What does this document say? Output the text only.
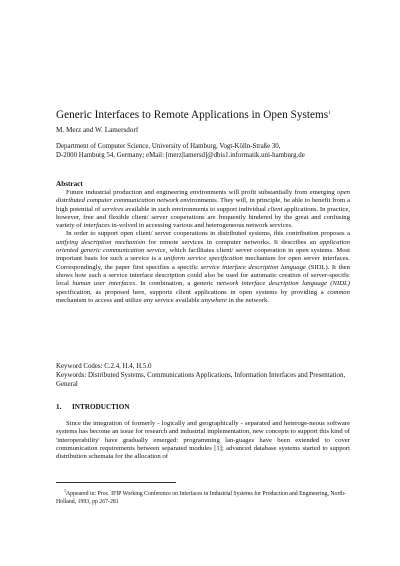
Generic Interfaces to Remote Applications in Open Systems$^1$
M. Merz and W. Lamersdorf
Department of Computer Science, University of Hamburg, Vogt-Kölln-Straße 30,
D-2000 Hamburg 54, Germany; eMail: [merz|lamersd]@dbis1.informatik.uni-hamburg.de
Abstract

Future industrial production and engineering environments will profit substantially from emerging open distributed computer communication network environments. They will, in principle, be able to benefit from a high potential of services available in such environments to support individual client applications. In practice, however, free and flexible client/ server cooperations are frequently hindered by the great and confusing variety of interfaces in-volved in accessing various and heterogeneous network services.

In order to support open client/ server cooperations in distributed systems, this contribution proposes a unifying description mechanism for remote services in computer networks. It describes an application oriented generic communication service, which facilitates client/ server cooperation in open systems. Most important basis for such a service is a uniform service specification mechanism for open server interfaces. Correspondingly, the paper first specifies a specific service interface description language (SIDL). It then shows how such a service interface description could also be used for automatic creation of server-specific local human user interfaces. In combination, a generic network interface description language (NIDL) specification, as proposed here, supports client applications in open systems by providing a common mechanism to access and utilize any service available anywhere in the network.

Keyword Codes: C.2.4, H.4, H.5.0

Keywords: Distributed Systems, Communications Applications, Information Interfaces and Presentation, General

1. INTRODUCTION

Since the integration of formerly - logically and geographically - separated and heteroge-neous software systems has become an issue for research and industrial implementation, new concepts to support this kind of 'interoperability' have gradually emerged: programming lan-guages have been extended to cover communication requirements between separated modules [1]; advanced database systems started to support distribution schemata for the allocation of

$^1$Appeared in: Proc. IFIP Working Conference on Interfaces in Industrial Systems for Production and Engineering, North-Holland, 1993, pp 267-281
